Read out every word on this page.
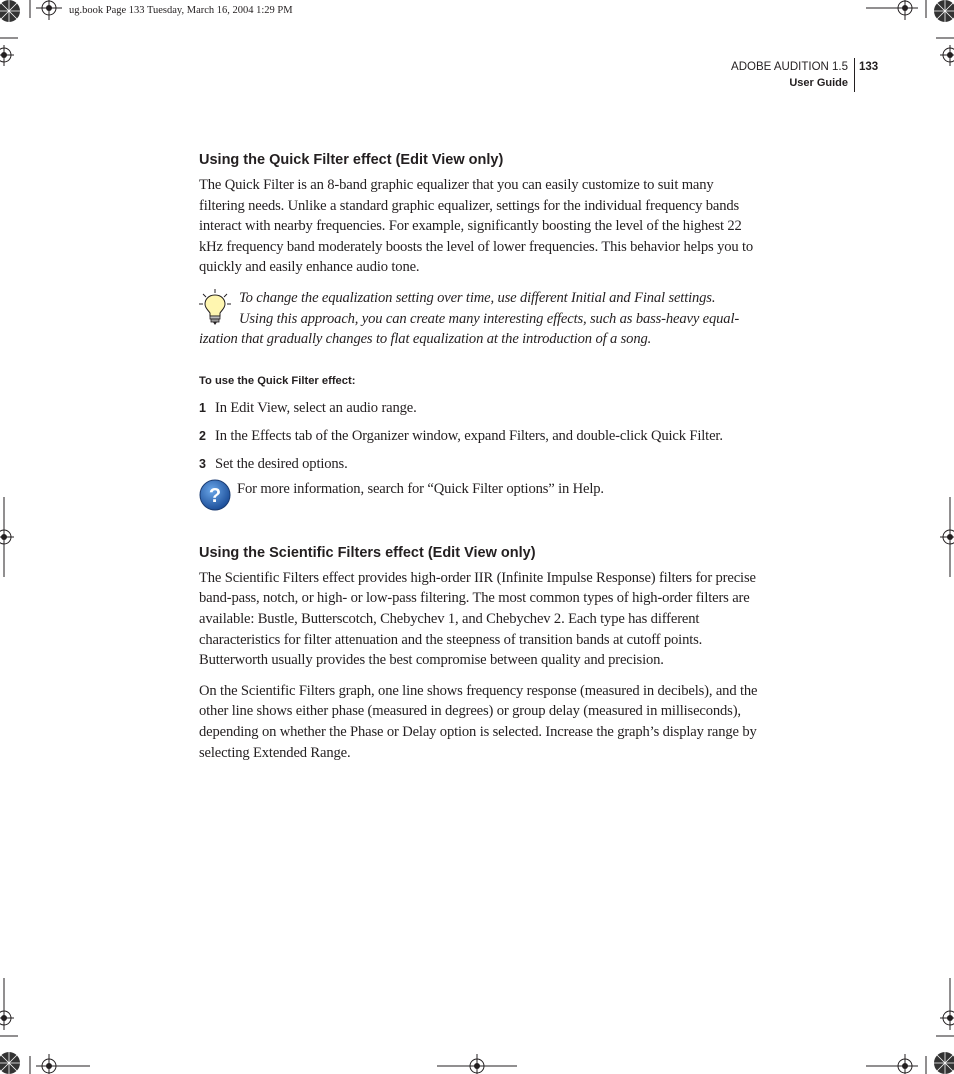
ug.book Page 133 Tuesday, March 16, 2004 1:29 PM
ADOBE AUDITION 1.5
User Guide
133
Using the Quick Filter effect (Edit View only)

The Quick Filter is an 8-band graphic equalizer that you can easily customize to suit many filtering needs. Unlike a standard graphic equalizer, settings for the individual frequency bands interact with nearby frequencies. For example, significantly boosting the level of the highest 22 kHz frequency band moderately boosts the level of lower frequencies. This behavior helps you to quickly and easily enhance audio tone.

To change the equalization setting over time, use different Initial and Final settings.
Using this approach, you can create many interesting effects, such as bass-heavy equal-
ization that gradually changes to flat equalization at the introduction of a song.

To use the Quick Filter effect:
1 In Edit View, select an audio range.
2 In the Effects tab of the Organizer window, expand Filters, and double-click Quick Filter.
3 Set the desired options.
? For more information, search for “Quick Filter options” in Help.

Using the Scientific Filters effect (Edit View only)

The Scientific Filters effect provides high-order IIR (Infinite Impulse Response) filters for precise band-pass, notch, or high- or low-pass filtering. The most common types of high-order filters are available: Bustle, Butterscotch, Chebychev 1, and Chebychev 2. Each type has different characteristics for filter attenuation and the steepness of transition bands at cutoff points. Butterworth usually provides the best compromise between quality and precision.

On the Scientific Filters graph, one line shows frequency response (measured in decibels), and the other line shows either phase (measured in degrees) or group delay (measured in milliseconds), depending on whether the Phase or Delay option is selected. Increase the graph’s display range by selecting Extended Range.
